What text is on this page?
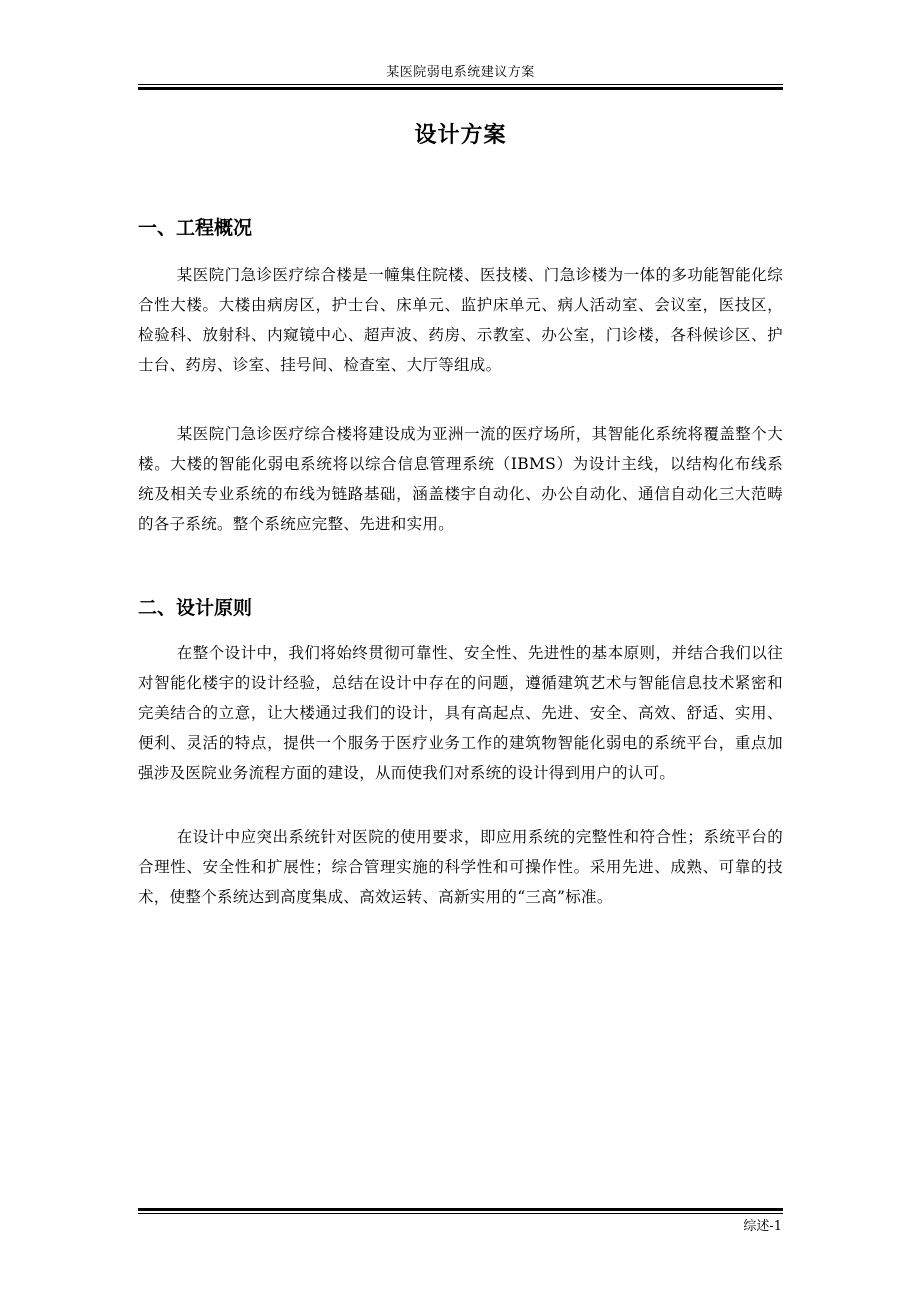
某医院弱电系统建议方案
设计方案
一、工程概况
某医院门急诊医疗综合楼是一幢集住院楼、医技楼、门急诊楼为一体的多功能智能化综合性大楼。大楼由病房区，护士台、床单元、监护床单元、病人活动室、会议室，医技区，检验科、放射科、内窥镜中心、超声波、药房、示教室、办公室，门诊楼，各科候诊区、护士台、药房、诊室、挂号间、检查室、大厅等组成。
某医院门急诊医疗综合楼将建设成为亚洲一流的医疗场所，其智能化系统将覆盖整个大楼。大楼的智能化弱电系统将以综合信息管理系统（IBMS）为设计主线，以结构化布线系统及相关专业系统的布线为链路基础，涵盖楼宇自动化、办公自动化、通信自动化三大范畴的各子系统。整个系统应完整、先进和实用。
二、设计原则
在整个设计中，我们将始终贯彻可靠性、安全性、先进性的基本原则，并结合我们以往对智能化楼宇的设计经验，总结在设计中存在的问题，遵循建筑艺术与智能信息技术紧密和完美结合的立意，让大楼通过我们的设计，具有高起点、先进、安全、高效、舒适、实用、便利、灵活的特点，提供一个服务于医疗业务工作的建筑物智能化弱电的系统平台，重点加强涉及医院业务流程方面的建设，从而使我们对系统的设计得到用户的认可。
在设计中应突出系统针对医院的使用要求，即应用系统的完整性和符合性；系统平台的合理性、安全性和扩展性；综合管理实施的科学性和可操作性。采用先进、成熟、可靠的技术，使整个系统达到高度集成、高效运转、高新实用的“三高”标准。
综述-1
